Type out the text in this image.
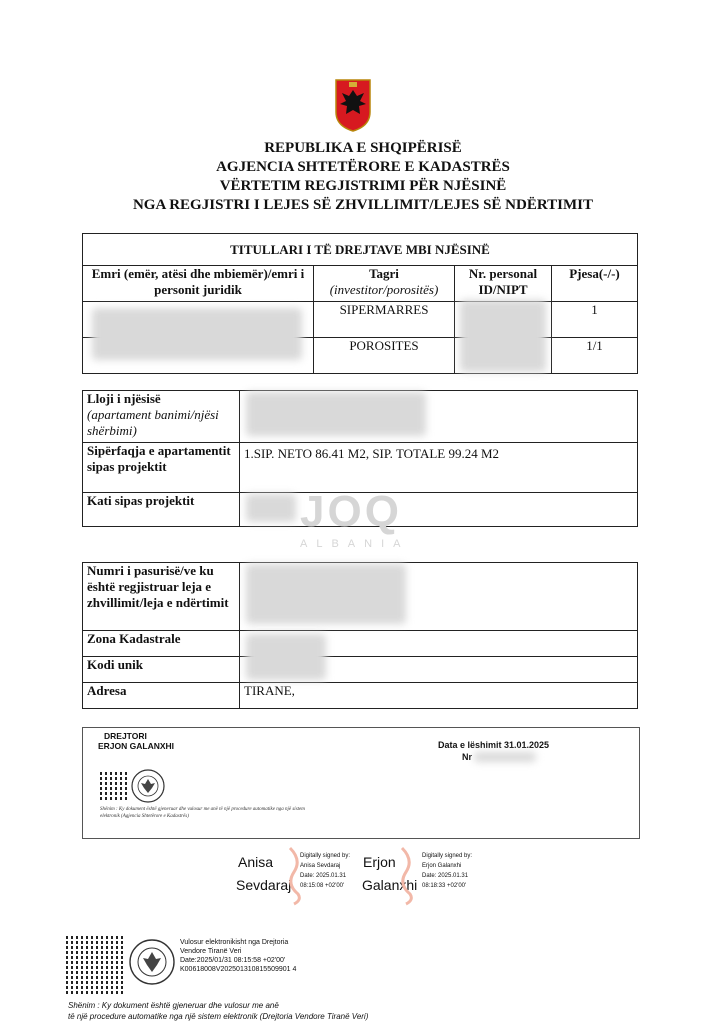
REPUBLIKA E SHQIPËRISË
AGJENCIA SHTETËRORE E KADASTRËS
VËRTETIM REGJISTRIMI PËR NJËSINË
NGA REGJISTRI I LEJES SË ZHVILLIMIT/LEJES SË NDËRTIMIT
TITULLARI I TË DREJTAVE MBI NJËSINË			
Emri (emër, atësi dhe mbiemër)/emri i personit juridik	Tagri
(investitor/porositës)	Nr. personal ID/NIPT	Pjesa(-/-)
	SIPERMARRES		1
	POROSITES		1/1
Lloji i njësisë
(apartament banimi/njësi shërbimi)	

Sipërfaqja e apartamentit sipas projektit	1.SIP. NETO 86.41 M2, SIP. TOTALE 99.24 M2
Kati sipas projektit	JOQ
ALBANIA
Numri i pasurisë/ve ku është regjistruar leja e zhvillimit/leja e ndërtimit	
Zona Kadastrale	
Kodi unik	
Adresa	TIRANE,
DREJTORI
ERJON GALANXHI	Data e lëshimit 31.01.2025
Nr
Shënim : Ky dokument është gjeneruar dhe vulosur me anë të një procedure automatike nga një sistem elektronik (Agjencia Shtetërore e Kadastrës)
Anisa
Sevdaraj
Digitally signed by:
Anisa Sevdaraj
Date: 2025.01.31
08:15:08 +02'00'
Erjon
Galanxhi
Digitally signed by:
Erjon Galanxhi
Date: 2025.01.31
08:18:33 +02'00'
Vulosur elektronikisht nga Drejtoria
Vendore Tiranë Veri
Date:2025/01/31 08:15:58 +02'00'
K00618008V202501310815509901 4
Shënim : Ky dokument është gjeneruar dhe vulosur me anë
të një procedure automatike nga një sistem elektronik (Drejtoria Vendore Tiranë Veri)
